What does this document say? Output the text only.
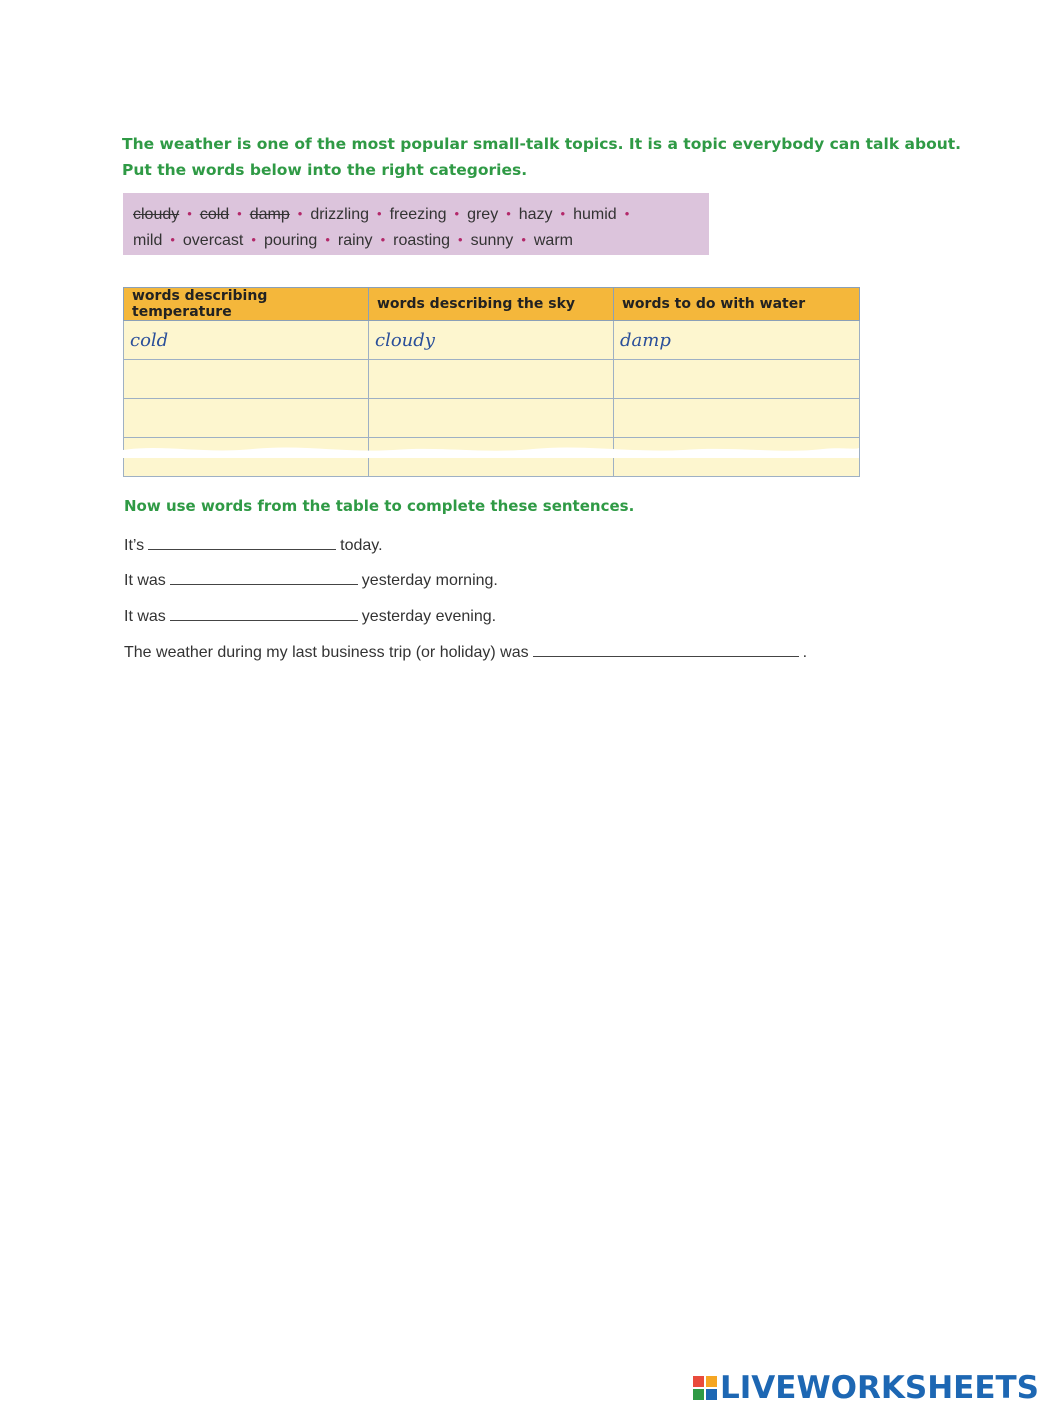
The weather is one of the most popular small-talk topics. It is a topic everybody can talk about.
Put the words below into the right categories.
cloudy • cold • damp • drizzling • freezing • grey • hazy • humid •
mild • overcast • pouring • rainy • roasting • sunny • warm
words describing temperature	words describing the sky	words to do with water
cold	cloudy	damp

Now use words from the table to complete these sentences.
It’s	today.
It was	yesterday morning.
It was	yesterday evening.
The weather during my last business trip (or holiday) was	.
LIVEWORKSHEETS
